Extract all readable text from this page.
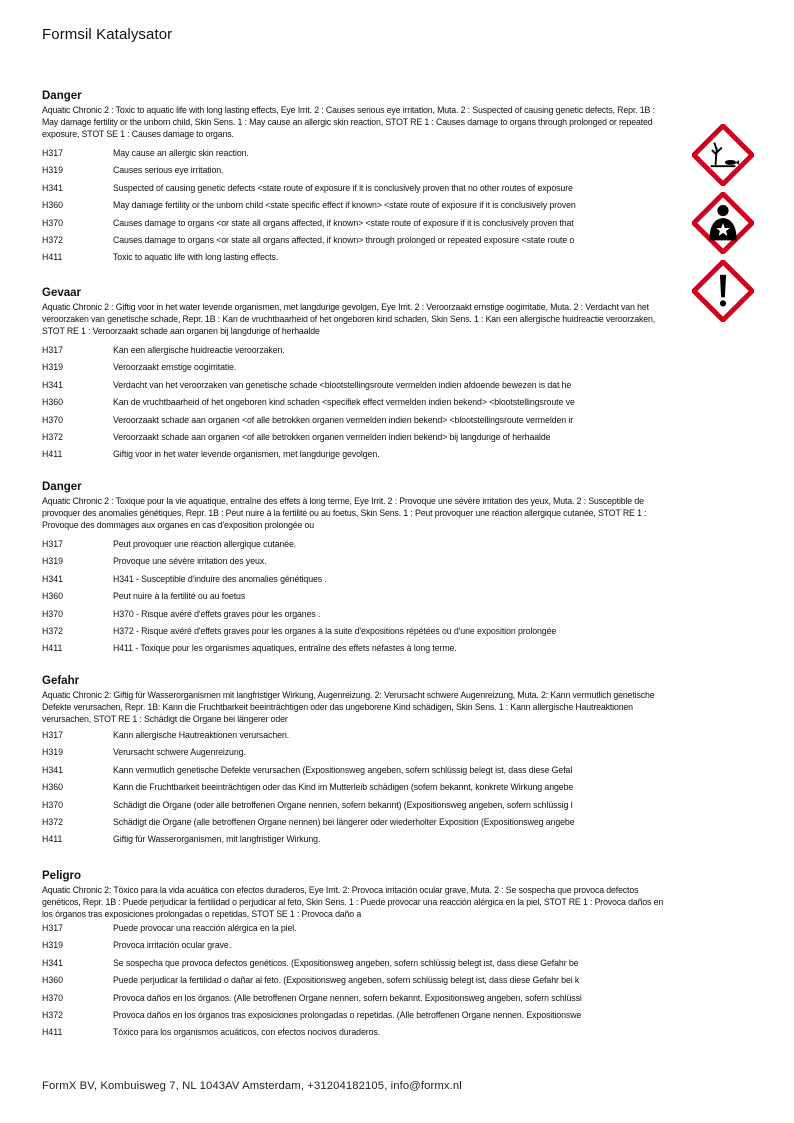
Formsil Katalysator
Danger
Aquatic Chronic 2 : Toxic to aquatic life with long lasting effects, Eye Irrit. 2 : Causes serious eye irritation, Muta. 2 : Suspected of causing genetic defects, Repr. 1B : May damage fertility or the unborn child, Skin Sens. 1 : May cause an allergic skin reaction, STOT RE 1 : Causes damage to organs through prolonged or repeated exposure, STOT SE 1 : Causes damage to organs.
H317	May cause an allergic skin reaction.
H319	Causes serious eye irritation.
H341	Suspected of causing genetic defects <state route of exposure if it is conclusively proven that no other routes of exposure
H360	May damage fertility or the unborn child <state specific effect if known> <state route of exposure if it is conclusively proven
H370	Causes damage to organs <or state all organs affected, if known> <state route of exposure if it is conclusively proven that
H372	Causes damage to organs <or state all organs affected, if known> through prolonged or repeated exposure <state route o
H411	Toxic to aquatic life with long lasting effects.
Gevaar
Aquatic Chronic 2 : Giftig voor in het water levende organismen, met langdurige gevolgen, Eye Irrit. 2 : Veroorzaakt ernstige oogirritatie, Muta. 2 : Verdacht van het veroorzaken van genetische schade, Repr. 1B : Kan de vruchtbaarheid of het ongeboren kind schaden, Skin Sens. 1 : Kan een allergische huidreactie veroorzaken, STOT RE 1 : Veroorzaakt schade aan organen bij langdurige of herhaalde
H317	Kan een allergische huidreactie veroorzaken.
H319	Veroorzaakt ernstige oogirritatie.
H341	Verdacht van het veroorzaken van genetische schade <blootstellingsroute vermelden indien afdoende bewezen is dat he
H360	Kan de vruchtbaarheid of het ongeboren kind schaden <specifiek effect vermelden indien bekend> <blootstellingsroute ve
H370	Veroorzaakt schade aan organen <of alle betrokken organen vermelden indien bekend> <blootstellingsroute vermelden ir
H372	Veroorzaakt schade aan organen <of alle betrokken organen vermelden indien bekend> bij langdurige of herhaalde
H411	Giftig voor in het water levende organismen, met langdurige gevolgen.
Danger
Aquatic Chronic 2 : Toxique pour la vie aquatique, entraîne des effets à long terme, Eye Irrit. 2 : Provoque une sévère irritation des yeux, Muta. 2 : Susceptible de provoquer des anomalies génétiques, Repr. 1B : Peut nuire à la fertilité ou au foetus, Skin Sens. 1 : Peut provoquer une réaction allergique cutanée, STOT RE 1 : Provoque des dommages aux organes en cas d'exposition prolongée ou
H317	Peut provoquer une réaction allergique cutanée.
H319	Provoque une sévère irritation des yeux.
H341	H341 - Susceptible d'induire des anomalies génétiques .
H360	Peut nuire à la fertilité ou au foetus
H370	H370 - Risque avéré d'effets graves pour les organes .
H372	H372 - Risque avéré d'effets graves pour les organes à la suite d'expositions répétées ou d'une exposition prolongée
H411	H411 - Toxique pour les organismes aquatiques, entraîne des effets néfastes à long terme.
Gefahr
Aquatic Chronic 2: Giftig für Wasserorganismen mit langfristiger Wirkung, Augenreizung. 2: Verursacht schwere Augenreizung, Muta. 2: Kann vermutlich genetische Defekte verursachen, Repr. 1B: Kann die Fruchtbarkeit beeinträchtigen oder das ungeborene Kind schädigen, Skin Sens. 1 : Kann allergische Hautreaktionen verursachen, STOT RE 1 : Schädigt die Organe bei längerer oder
H317	Kann allergische Hautreaktionen verursachen.
H319	Verursacht schwere Augenreizung.
H341	Kann vermutlich genetische Defekte verursachen (Expositionsweg angeben, sofern schlüssig belegt ist, dass diese Gefal
H360	Kann die Fruchtbarkeit beeinträchtigen oder das Kind im Mutterleib schädigen (sofern bekannt, konkrete Wirkung angebe
H370	Schädigt die Organe (oder alle betroffenen Organe nennen, sofern bekannt) (Expositionsweg angeben, sofern schlüssig l
H372	Schädigt die Organe (alle betroffenen Organe nennen) bei längerer oder wiederholter Exposition (Expositionsweg angebe
H411	Giftig für Wasserorganismen, mit langfristiger Wirkung.
Peligro
Aquatic Chronic 2: Tóxico para la vida acuática con efectos duraderos, Eye Irrit. 2: Provoca irritación ocular grave, Muta. 2 : Se sospecha que provoca defectos genéticos, Repr. 1B : Puede perjudicar la fertilidad o perjudicar al feto, Skin Sens. 1 : Puede provocar una reacción alérgica en la piel, STOT RE 1 : Provoca daños en los órganos tras exposiciones prolongadas o repetidas, STOT SE 1 : Provoca daño a
H317	Puede provocar una reacción alérgica en la piel.
H319	Provoca irritación ocular grave.
H341	Se sospecha que provoca defectos genéticos. (Expositionsweg angeben, sofern schlüssig belegt ist, dass diese Gefahr be
H360	Puede perjudicar la fertilidad o dañar al feto. (Expositionsweg angeben, sofern schlüssig belegt ist, dass diese Gefahr bei k
H370	Provoca daños en los órganos. (Alle betroffenen Organe nennen, sofern bekannt. Expositionsweg angeben, sofern schlüssi
H372	Provoca daños en los órganos tras exposiciones prolongadas o repetidas. (Alle betroffenen Organe nennen. Expositionswe
H411	Tóxico para los organismos acuáticos, con efectos nocivos duraderos.
FormX BV, Kombuisweg 7, NL 1043AV Amsterdam, +31204182105, info@formx.nl
